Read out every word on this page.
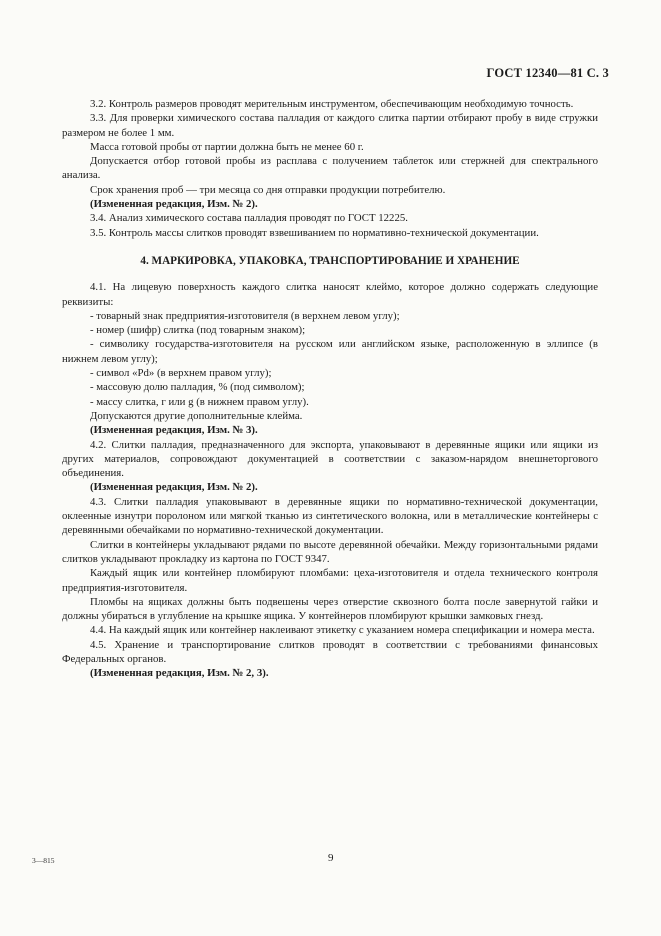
ГОСТ 12340—81 С. 3

3.2. Контроль размеров проводят мерительным инструментом, обеспечивающим необходимую точность.

3.3. Для проверки химического состава палладия от каждого слитка партии отбирают пробу в виде стружки размером не более 1 мм.

Масса готовой пробы от партии должна быть не менее 60 г.

Допускается отбор готовой пробы из расплава с получением таблеток или стержней для спектрального анализа.

Срок хранения проб — три месяца со дня отправки продукции потребителю.

(Измененная редакция, Изм. № 2).

3.4. Анализ химического состава палладия проводят по ГОСТ 12225.

3.5. Контроль массы слитков проводят взвешиванием по нормативно-технической документации.

4. МАРКИРОВКА, УПАКОВКА, ТРАНСПОРТИРОВАНИЕ И ХРАНЕНИЕ

4.1. На лицевую поверхность каждого слитка наносят клеймо, которое должно содержать следующие реквизиты:

- товарный знак предприятия-изготовителя (в верхнем левом углу);

- номер (шифр) слитка (под товарным знаком);

- символику государства-изготовителя на русском или английском языке, расположенную в эллипсе (в нижнем левом углу);

- символ «Pd» (в верхнем правом углу);

- массовую долю палладия, % (под символом);

- массу слитка, г или g (в нижнем правом углу).

Допускаются другие дополнительные клейма.

(Измененная редакция, Изм. № 3).

4.2. Слитки палладия, предназначенного для экспорта, упаковывают в деревянные ящики или ящики из других материалов, сопровождают документацией в соответствии с заказом-нарядом внешнеторгового объединения.

(Измененная редакция, Изм. № 2).

4.3. Слитки палладия упаковывают в деревянные ящики по нормативно-технической документации, оклеенные изнутри поролоном или мягкой тканью из синтетического волокна, или в металлические контейнеры с деревянными обечайками по нормативно-технической документации.

Слитки в контейнеры укладывают рядами по высоте деревянной обечайки. Между горизонтальными рядами слитков укладывают прокладку из картона по ГОСТ 9347.

Каждый ящик или контейнер пломбируют пломбами: цеха-изготовителя и отдела технического контроля предприятия-изготовителя.

Пломбы на ящиках должны быть подвешены через отверстие сквозного болта после завернутой гайки и должны убираться в углубление на крышке ящика. У контейнеров пломбируют крышки замковых гнезд.

4.4. На каждый ящик или контейнер наклеивают этикетку с указанием номера спецификации и номера места.

4.5. Хранение и транспортирование слитков проводят в соответствии с требованиями финансовых Федеральных органов.

(Измененная редакция, Изм. № 2, 3).

3—815	9
